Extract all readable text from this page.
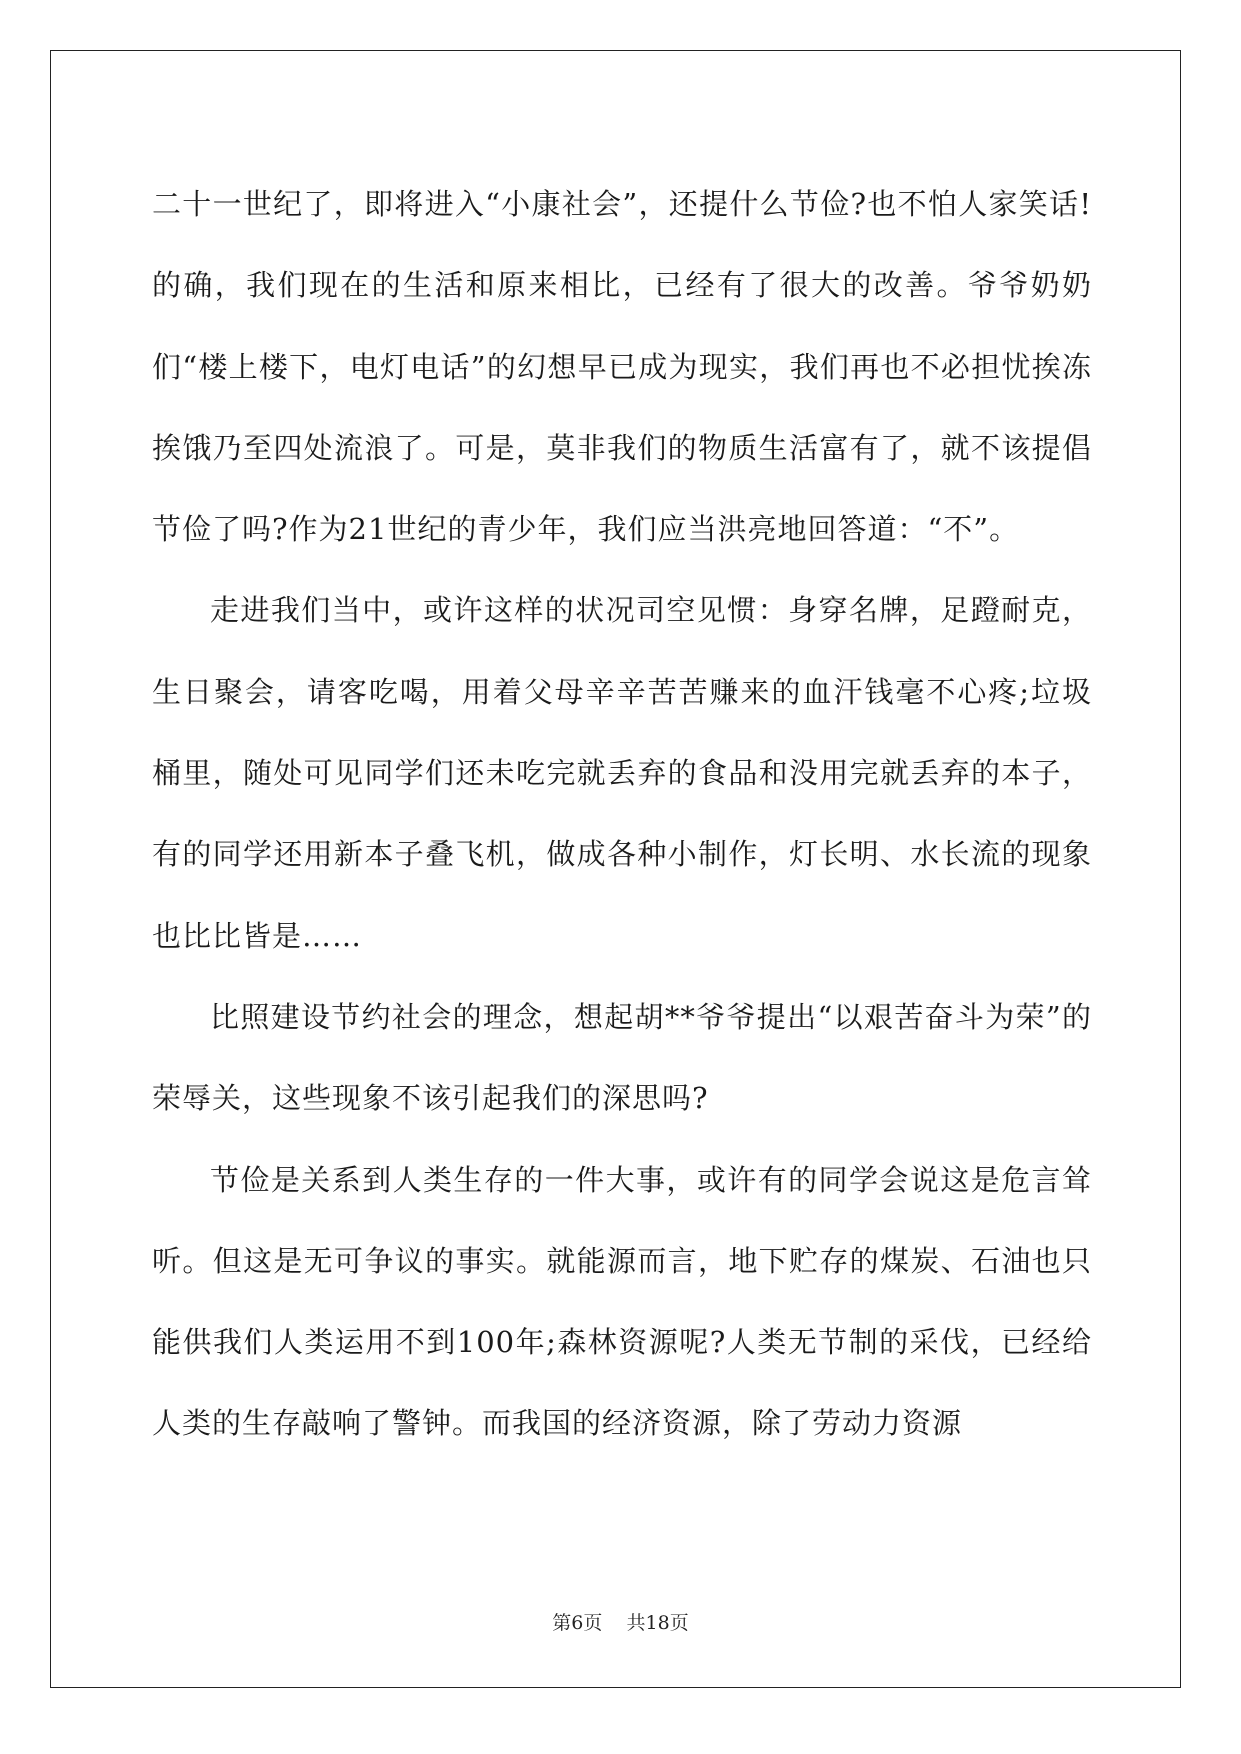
二十一世纪了，即将进入“小康社会”，还提什么节俭?也不怕人家笑话!的确，我们现在的生活和原来相比，已经有了很大的改善。爷爷奶奶们“楼上楼下，电灯电话”的幻想早已成为现实，我们再也不必担忧挨冻挨饿乃至四处流浪了。可是，莫非我们的物质生活富有了，就不该提倡节俭了吗?作为21世纪的青少年，我们应当洪亮地回答道：“不”。

走进我们当中，或许这样的状况司空见惯：身穿名牌，足蹬耐克，生日聚会，请客吃喝，用着父母辛辛苦苦赚来的血汗钱毫不心疼;垃圾桶里，随处可见同学们还未吃完就丢弃的食品和没用完就丢弃的本子，有的同学还用新本子叠飞机，做成各种小制作，灯长明、水长流的现象也比比皆是……

比照建设节约社会的理念，想起胡**爷爷提出“以艰苦奋斗为荣”的荣辱关，这些现象不该引起我们的深思吗?

节俭是关系到人类生存的一件大事，或许有的同学会说这是危言耸听。但这是无可争议的事实。就能源而言，地下贮存的煤炭、石油也只能供我们人类运用不到100年;森林资源呢?人类无节制的采伐，已经给人类的生存敲响了警钟。而我国的经济资源，除了劳动力资源

第6页 共18页
